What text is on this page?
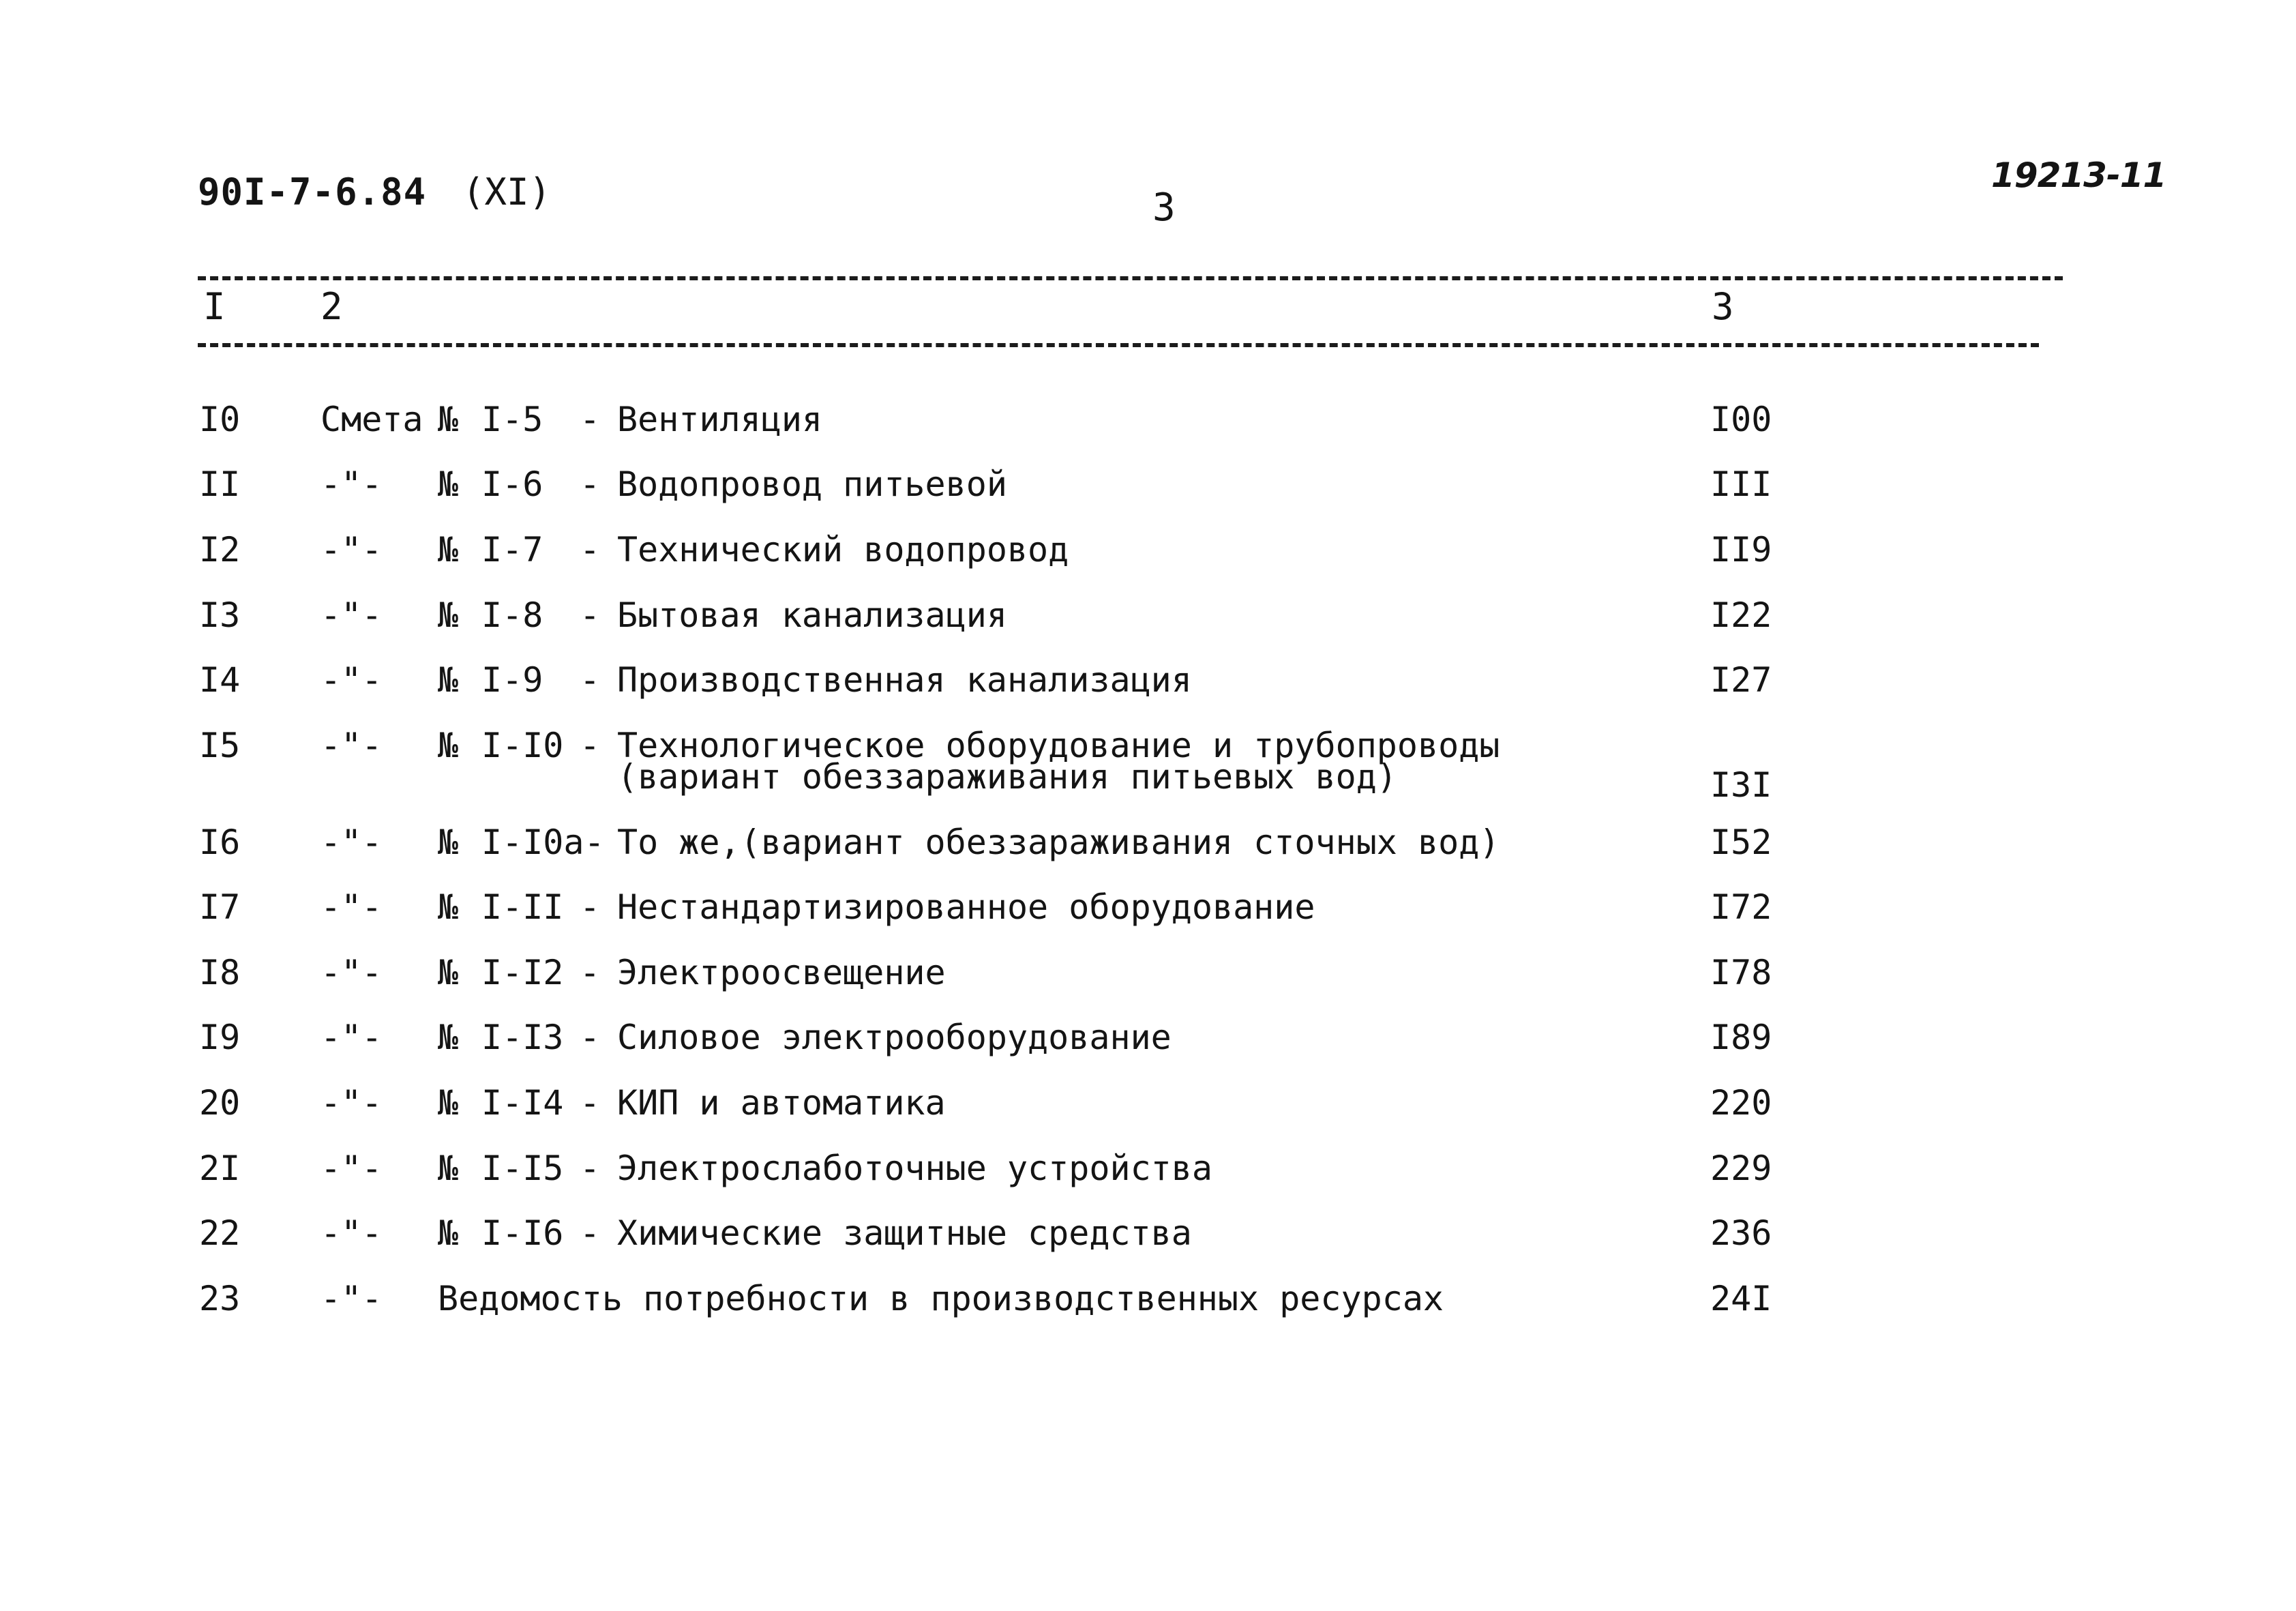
90I-7-6.84 (XI)	3
19213-11
I	2	3
I0 Смета № I-5 - Вентиляция	I00
II -"- № I-6 - Водопровод питьевой	III
I2 -"- № I-7 - Технический водопровод	II9
I3 -"- № I-8 - Бытовая канализация	I22
I4 -"- № I-9 - Производственная канализация	I27
I5 -"- № I-I0 - Технологическое оборудование и трубопроводы
(вариант обеззараживания питьевых вод)	I3I
I6 -"- № I-I0а- То же,(вариант обеззараживания сточных вод)	I52
I7 -"- № I-II - Нестандартизированное оборудование	I72
I8 -"- № I-I2 - Электроосвещение	I78
I9 -"- № I-I3 - Силовое электрооборудование	I89
20 -"- № I-I4 - КИП и автоматика	220
2I -"- № I-I5 - Электрослаботочные устройства	229
22 -"- № I-I6 - Химические защитные средства	236
23 -"- Ведомость потребности в производственных ресурсах	24I
